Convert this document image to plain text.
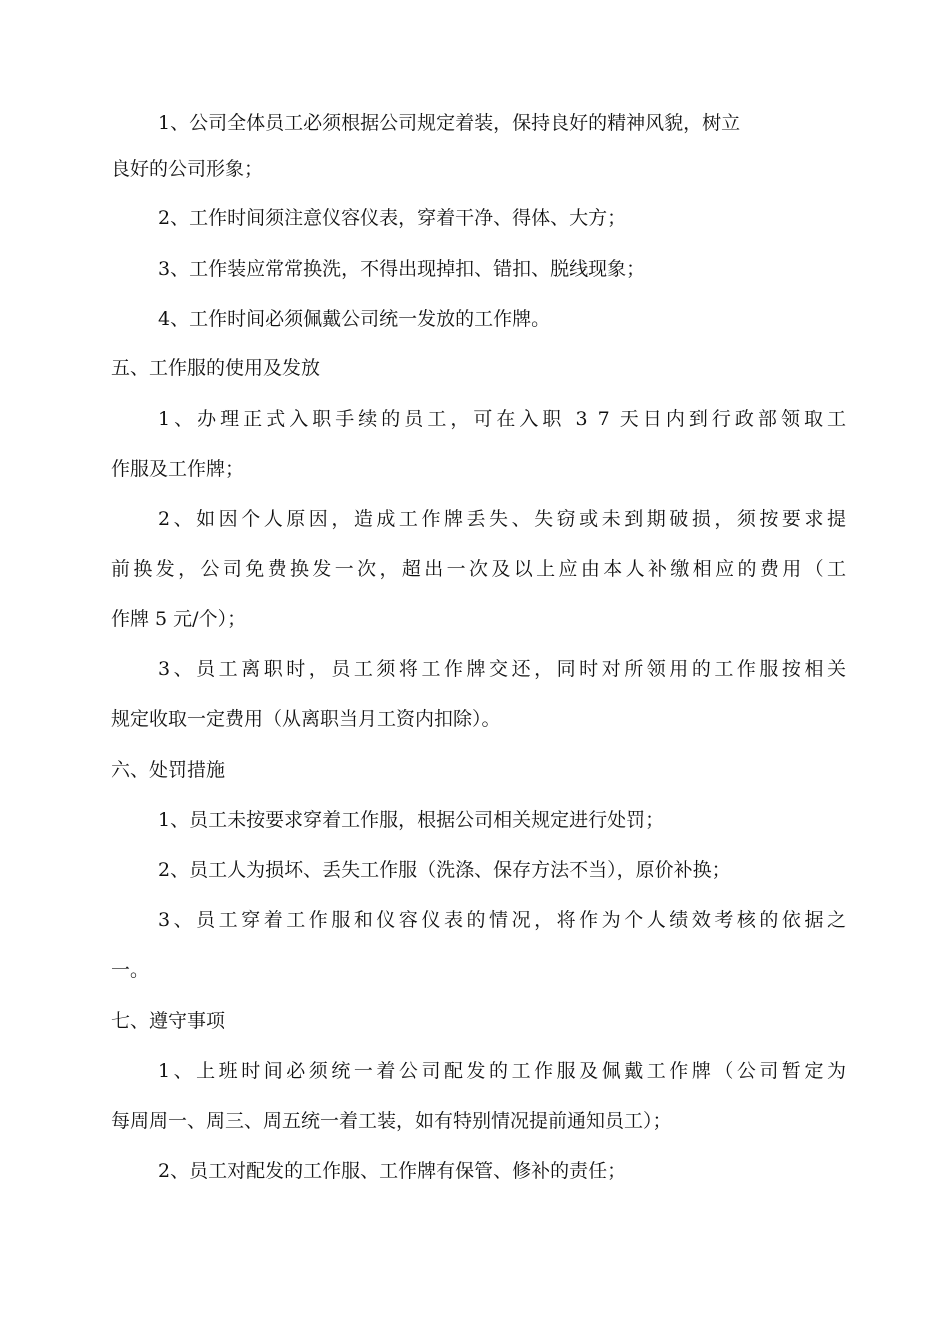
1、公司全体员工必须根据公司规定着装，保持良好的精神风貌，树立
良好的公司形象；
2、工作时间须注意仪容仪表，穿着干净、得体、大方；
3、工作装应常常换洗，不得出现掉扣、错扣、脱线现象；
4、工作时间必须佩戴公司统一发放的工作牌。
五、工作服的使用及发放
1、办理正式入职手续的员工，可在入职 3 7 天日内到行政部领取工
作服及工作牌；
2、如因个人原因，造成工作牌丢失、失窃或未到期破损，须按要求提
前换发，公司免费换发一次，超出一次及以上应由本人补缴相应的费用（工
作牌 5 元/个）；
3、员工离职时，员工须将工作牌交还，同时对所领用的工作服按相关
规定收取一定费用（从离职当月工资内扣除）。
六、处罚措施
1、员工未按要求穿着工作服，根据公司相关规定进行处罚；
2、员工人为损坏、丢失工作服（洗涤、保存方法不当），原价补换；
3、员工穿着工作服和仪容仪表的情况，将作为个人绩效考核的依据之
一。
七、遵守事项
1、上班时间必须统一着公司配发的工作服及佩戴工作牌（公司暂定为
每周周一、周三、周五统一着工装，如有特别情况提前通知员工）；
2、员工对配发的工作服、工作牌有保管、修补的责任；
